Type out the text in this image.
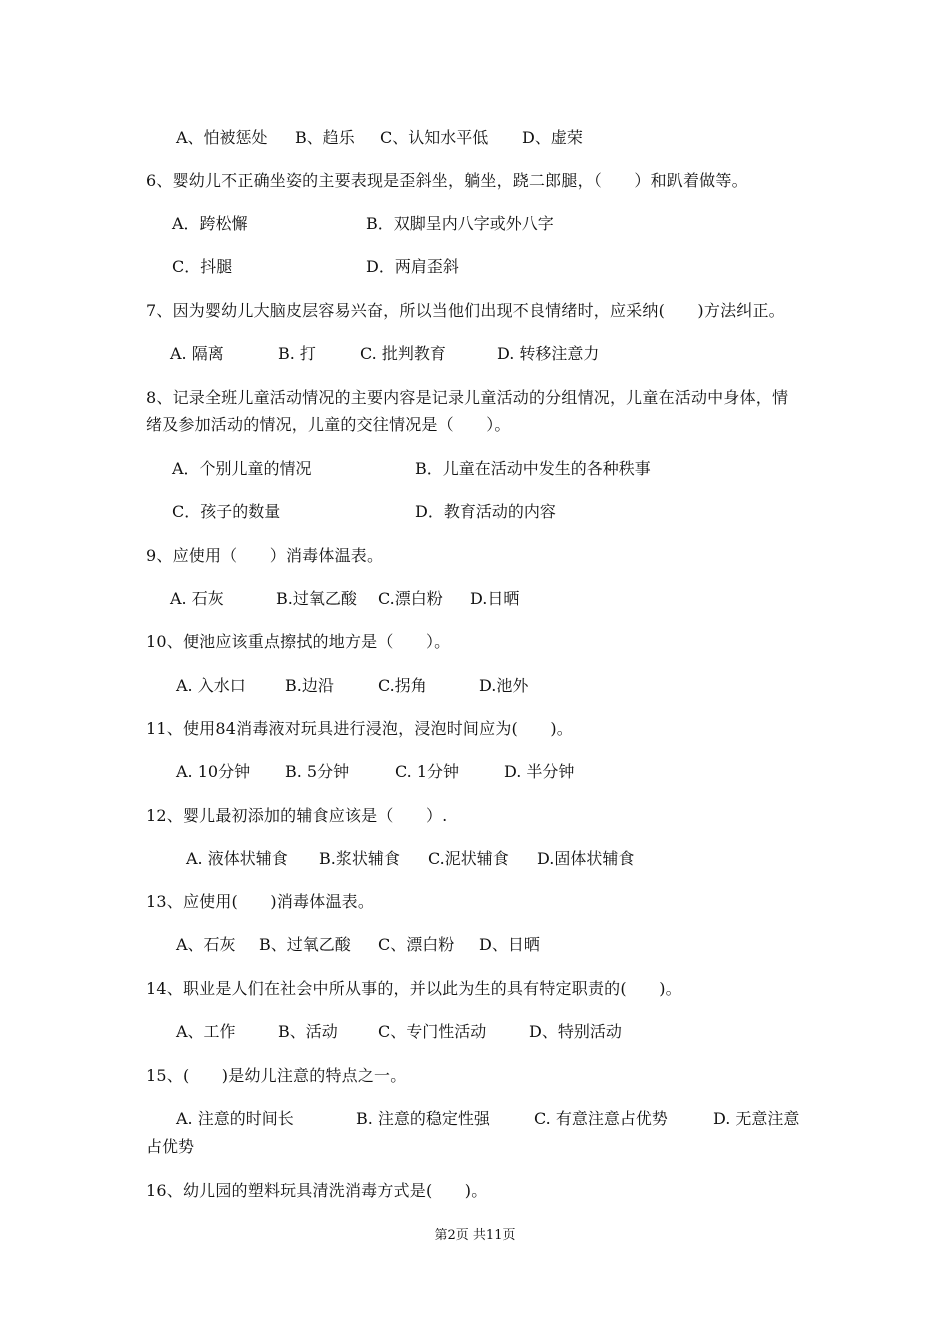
A、怕被惩处 B、趋乐 C、认知水平低 D、虚荣
6、婴幼儿不正确坐姿的主要表现是歪斜坐，躺坐，跷二郎腿，（　　）和趴着做等。
A．跨松懈	B．双脚呈内八字或外八字
C．抖腿	D．两肩歪斜
7、因为婴幼儿大脑皮层容易兴奋，所以当他们出现不良情绪时，应采纳(　　)方法纠正。
A. 隔离	B. 打	C. 批判教育	D. 转移注意力
8、记录全班儿童活动情况的主要内容是记录儿童活动的分组情况，儿童在活动中身体，情
绪及参加活动的情况，儿童的交往情况是（　　）。
A．个别儿童的情况	B．儿童在活动中发生的各种秩事
C．孩子的数量	D．教育活动的内容
9、应使用（　　）消毒体温表。
A. 石灰	B.过氧乙酸 C.漂白粉 D.日晒
10、便池应该重点擦拭的地方是（　　）。
A. 入水口 B.边沿	C.拐角	D.池外
11、使用84消毒液对玩具进行浸泡，浸泡时间应为(　　)。
A. 10分钟 B. 5分钟	C. 1分钟	D. 半分钟
12、婴儿最初添加的辅食应该是（　　）.
A. 液体状辅食 B.浆状辅食 C.泥状辅食 D.固体状辅食
13、应使用(　　)消毒体温表。
A、石灰 B、过氧乙酸 C、漂白粉 D、日晒
14、职业是人们在社会中所从事的，并以此为生的具有特定职责的(　　)。
A、工作	B、活动	C、专门性活动	D、特别活动
15、(　　)是幼儿注意的特点之一。
A. 注意的时间长	B. 注意的稳定性强	C. 有意注意占优势	D. 无意注意
占优势
16、幼儿园的塑料玩具清洗消毒方式是(　　)。
第2页 共11页
